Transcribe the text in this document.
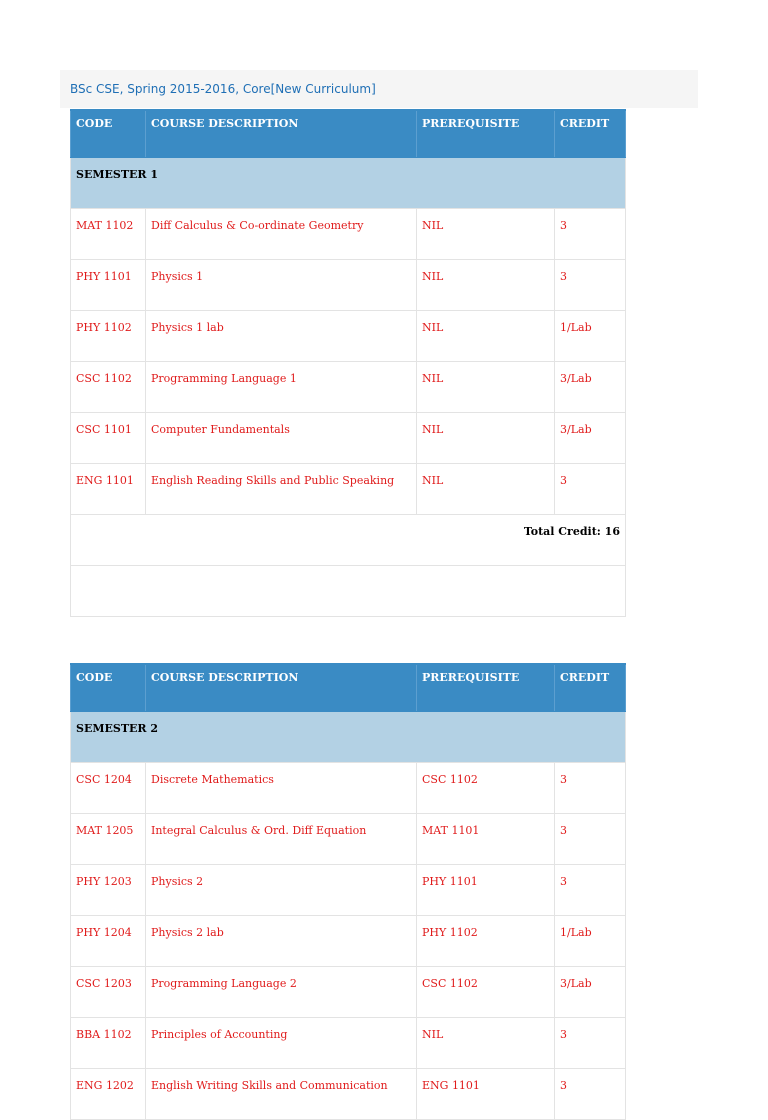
BSc CSE, Spring 2015-2016, Core[New Curriculum]
CODE	COURSE DESCRIPTION	PREREQUISITE	CREDIT
SEMESTER 1			
MAT 1102	Diff Calculus & Co-ordinate Geometry	NIL	3
PHY 1101	Physics 1	NIL	3
PHY 1102	Physics 1 lab	NIL	1/Lab
CSC 1102	Programming Language 1	NIL	3/Lab
CSC 1101	Computer Fundamentals	NIL	3/Lab
ENG 1101	English Reading Skills and Public Speaking	NIL	3
Total Credit: 16			

CODE	COURSE DESCRIPTION	PREREQUISITE	CREDIT
SEMESTER 2			
CSC 1204	Discrete Mathematics	CSC 1102	3
MAT 1205	Integral Calculus & Ord. Diff Equation	MAT 1101	3
PHY 1203	Physics 2	PHY 1101	3
PHY 1204	Physics 2 lab	PHY 1102	1/Lab
CSC 1203	Programming Language 2	CSC 1102	3/Lab
BBA 1102	Principles of Accounting	NIL	3
ENG 1202	English Writing Skills and Communication	ENG 1101	3
